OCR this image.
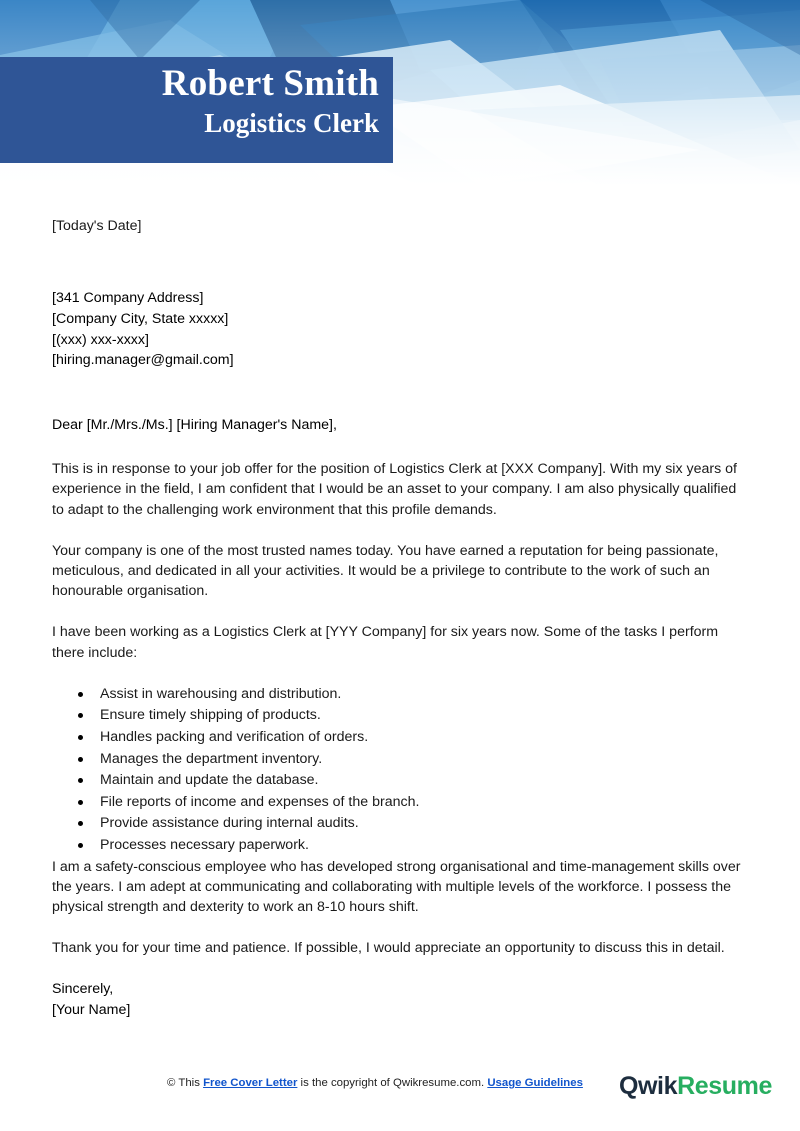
Robert Smith
Logistics Clerk
[Today's Date]
[341 Company Address]
[Company City, State xxxxx]
[(xxx) xxx-xxxx]
[hiring.manager@gmail.com]
Dear [Mr./Mrs./Ms.] [Hiring Manager's Name],

This is in response to your job offer for the position of Logistics Clerk at [XXX Company]. With my six years of experience in the field, I am confident that I would be an asset to your company. I am also physically qualified to adapt to the challenging work environment that this profile demands.

Your company is one of the most trusted names today. You have earned a reputation for being passionate, meticulous, and dedicated in all your activities. It would be a privilege to contribute to the work of such an honourable organisation.

I have been working as a Logistics Clerk at [YYY Company] for six years now. Some of the tasks I perform there include:

Assist in warehousing and distribution.
Ensure timely shipping of products.
Handles packing and verification of orders.
Manages the department inventory.
Maintain and update the database.
File reports of income and expenses of the branch.
Provide assistance during internal audits.
Processes necessary paperwork.

I am a safety-conscious employee who has developed strong organisational and time-management skills over the years. I am adept at communicating and collaborating with multiple levels of the workforce. I possess the physical strength and dexterity to work an 8-10 hours shift.

Thank you for your time and patience. If possible, I would appreciate an opportunity to discuss this in detail.

Sincerely,
[Your Name]
© This Free Cover Letter is the copyright of Qwikresume.com. Usage Guidelines QwikResume
